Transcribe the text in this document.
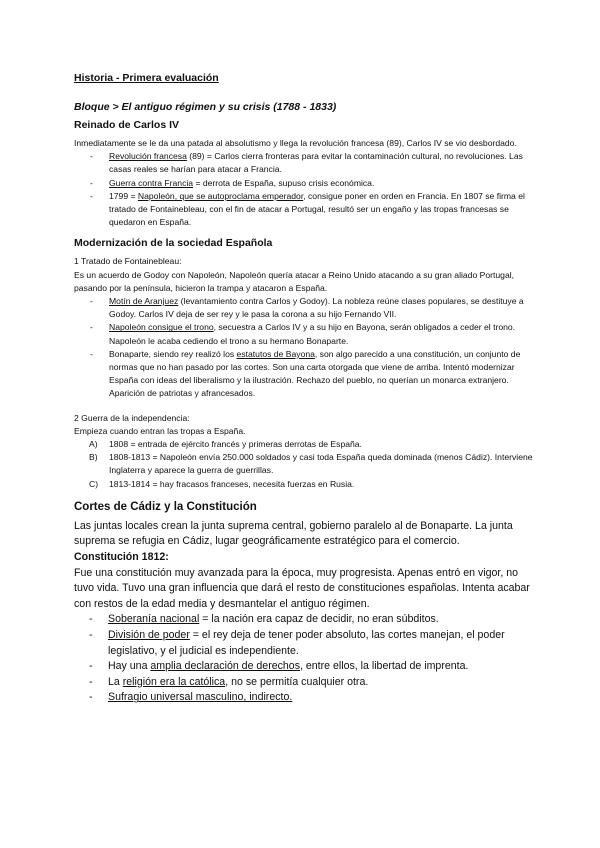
Historia - Primera evaluación

Bloque > El antiguo régimen y su crisis (1788 - 1833)

Reinado de Carlos IV

Inmediatamente se le da una patada al absolutismo y llega la revolución francesa (89), Carlos IV se vio desbordado.

- Revolución francesa (89) = Carlos cierra fronteras para evitar la contaminación cultural, no revoluciones. Las casas reales se harían para atacar a Francia.
- Guerra contra Francia = derrota de España, supuso crisis económica.
- 1799 = Napoleón, que se autoproclama emperador, consigue poner en orden en Francia. En 1807 se firma el tratado de Fontainebleau, con el fin de atacar a Portugal, resultó ser un engaño y las tropas francesas se quedaron en España.
Modernización de la sociedad Española

1 Tratado de Fontainebleau:

Es un acuerdo de Godoy con Napoleón, Napoleón quería atacar a Reino Unido atacando a su gran aliado Portugal, pasando por la península, hicieron la trampa y atacaron a España.

- Motín de Aranjuez (levantamiento contra Carlos y Godoy). La nobleza reúne clases populares, se destituye a Godoy. Carlos IV deja de ser rey y le pasa la corona a su hijo Fernando VII.
- Napoleón consigue el trono, secuestra a Carlos IV y a su hijo en Bayona, serán obligados a ceder el trono. Napoleón le acaba cediendo el trono a su hermano Bonaparte.
- Bonaparte, siendo rey realizó los estatutos de Bayona, son algo parecido a una constitución, un conjunto de normas que no han pasado por las cortes. Son una carta otorgada que viene de arriba. Intentó modernizar España con ideas del liberalismo y la ilustración. Rechazo del pueblo, no querían un monarca extranjero. Aparición de patriotas y afrancesados.

2 Guerra de la independencia:

Empieza cuando entran las tropas a España.

A) 1808 = entrada de ejército francés y primeras derrotas de España.
B) 1808-1813 = Napoleón envía 250.000 soldados y casi toda España queda dominada (menos Cádiz). Interviene Inglaterra y aparece la guerra de guerrillas.
C) 1813-1814 = hay fracasos franceses, necesita fuerzas en Rusia.
Cortes de Cádiz y la Constitución

Las juntas locales crean la junta suprema central, gobierno paralelo al de Bonaparte. La junta suprema se refugia en Cádiz, lugar geográficamente estratégico para el comercio.

Constitución 1812:

Fue una constitución muy avanzada para la época, muy progresista. Apenas entró en vigor, no tuvo vida. Tuvo una gran influencia que dará el resto de constituciones españolas. Intenta acabar con restos de la edad media y desmantelar el antiguo régimen.

- Soberanía nacional = la nación era capaz de decidir, no eran súbditos.
- División de poder = el rey deja de tener poder absoluto, las cortes manejan, el poder legislativo, y el judicial es independiente.
- Hay una amplia declaración de derechos, entre ellos, la libertad de imprenta.
- La religión era la católica, no se permitía cualquier otra.
- Sufragio universal masculino, indirecto.
